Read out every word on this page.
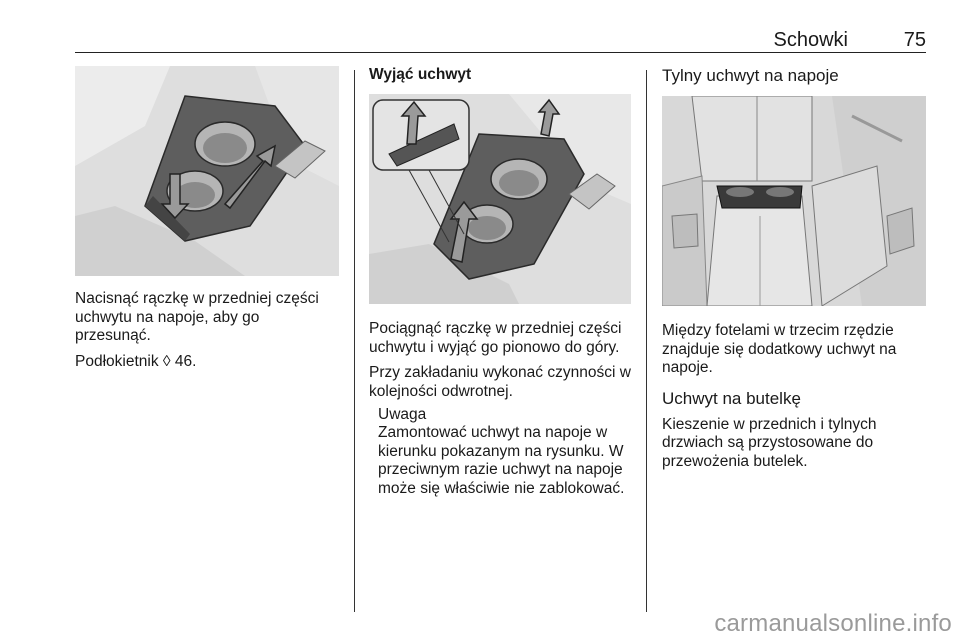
Schowki	75

Nacisnąć rączkę w przedniej części uchwytu na napoje, aby go przesunąć.

Podłokietnik ◊ 46.

Wyjąć uchwyt

Pociągnąć rączkę w przedniej części uchwytu i wyjąć go pionowo do góry.

Przy zakładaniu wykonać czynności w kolejności odwrotnej.

Uwaga

Zamontować uchwyt na napoje w kierunku pokazanym na rysunku. W przeciwnym razie uchwyt na napoje może się właściwie nie zablokować.

Tylny uchwyt na napoje

Między fotelami w trzecim rzędzie znajduje się dodatkowy uchwyt na napoje.

Uchwyt na butelkę

Kieszenie w przednich i tylnych drzwiach są przystosowane do przewożenia butelek.

carmanualsonline.info
